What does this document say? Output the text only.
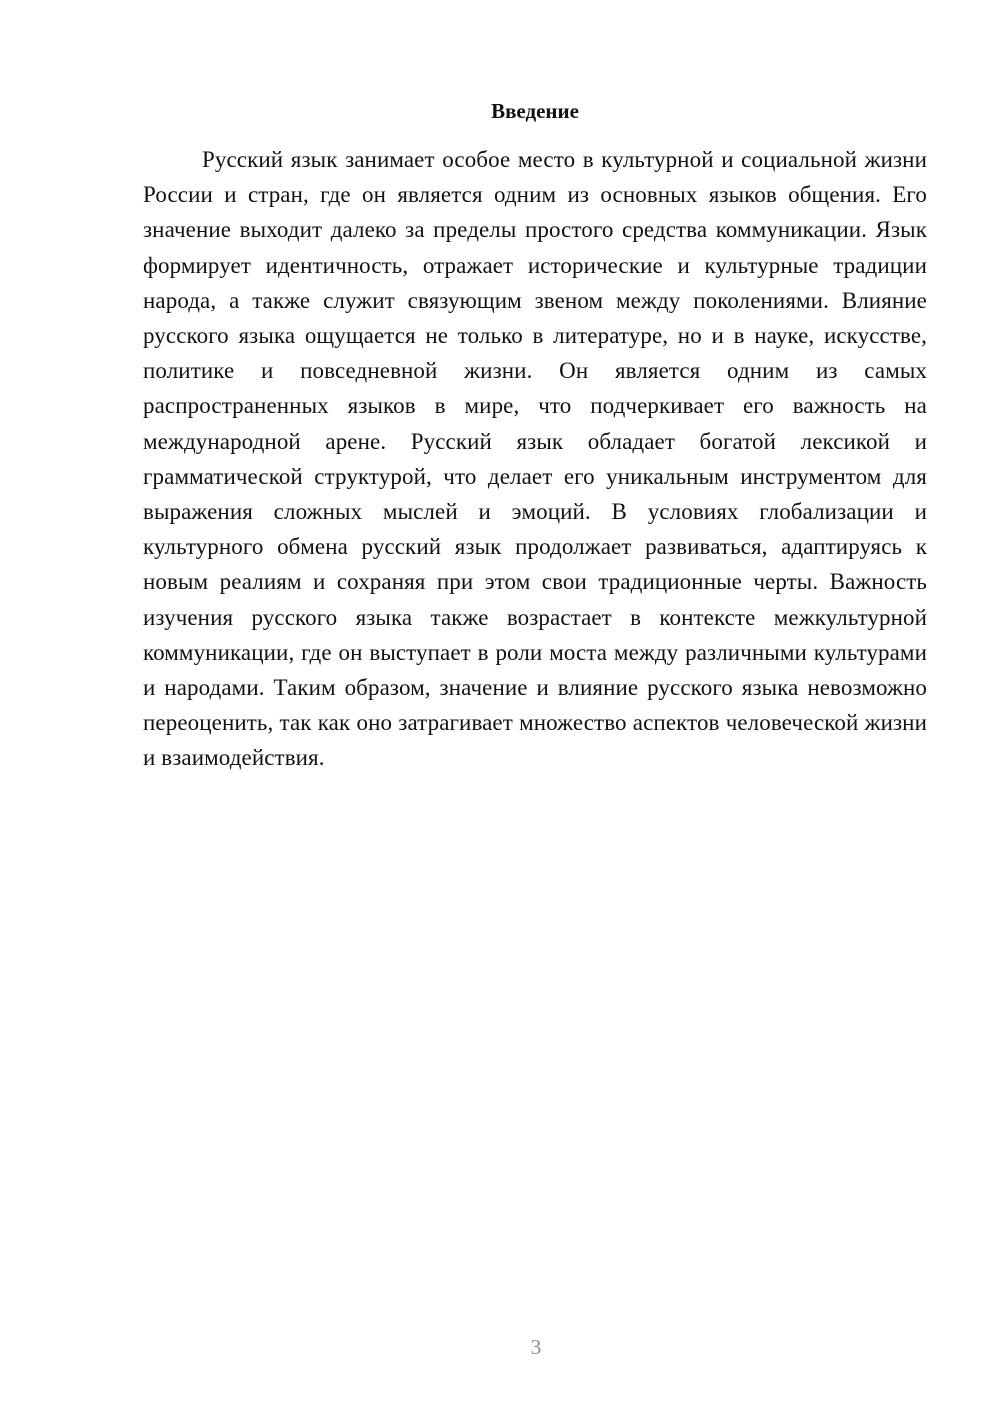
Введение

Русский язык занимает особое место в культурной и социальной жизни России и стран, где он является одним из основных языков общения. Его значение выходит далеко за пределы простого средства коммуникации. Язык формирует идентичность, отражает исторические и культурные традиции народа, а также служит связующим звеном между поколениями. Влияние русского языка ощущается не только в литературе, но и в науке, искусстве, политике и повседневной жизни. Он является одним из самых распространенных языков в мире, что подчеркивает его важность на международной арене. Русский язык обладает богатой лексикой и грамматической структурой, что делает его уникальным инструментом для выражения сложных мыслей и эмоций. В условиях глобализации и культурного обмена русский язык продолжает развиваться, адаптируясь к новым реалиям и сохраняя при этом свои традиционные черты. Важность изучения русского языка также возрастает в контексте межкультурной коммуникации, где он выступает в роли моста между различными культурами и народами. Таким образом, значение и влияние русского языка невозможно переоценить, так как оно затрагивает множество аспектов человеческой жизни и взаимодействия.

3
